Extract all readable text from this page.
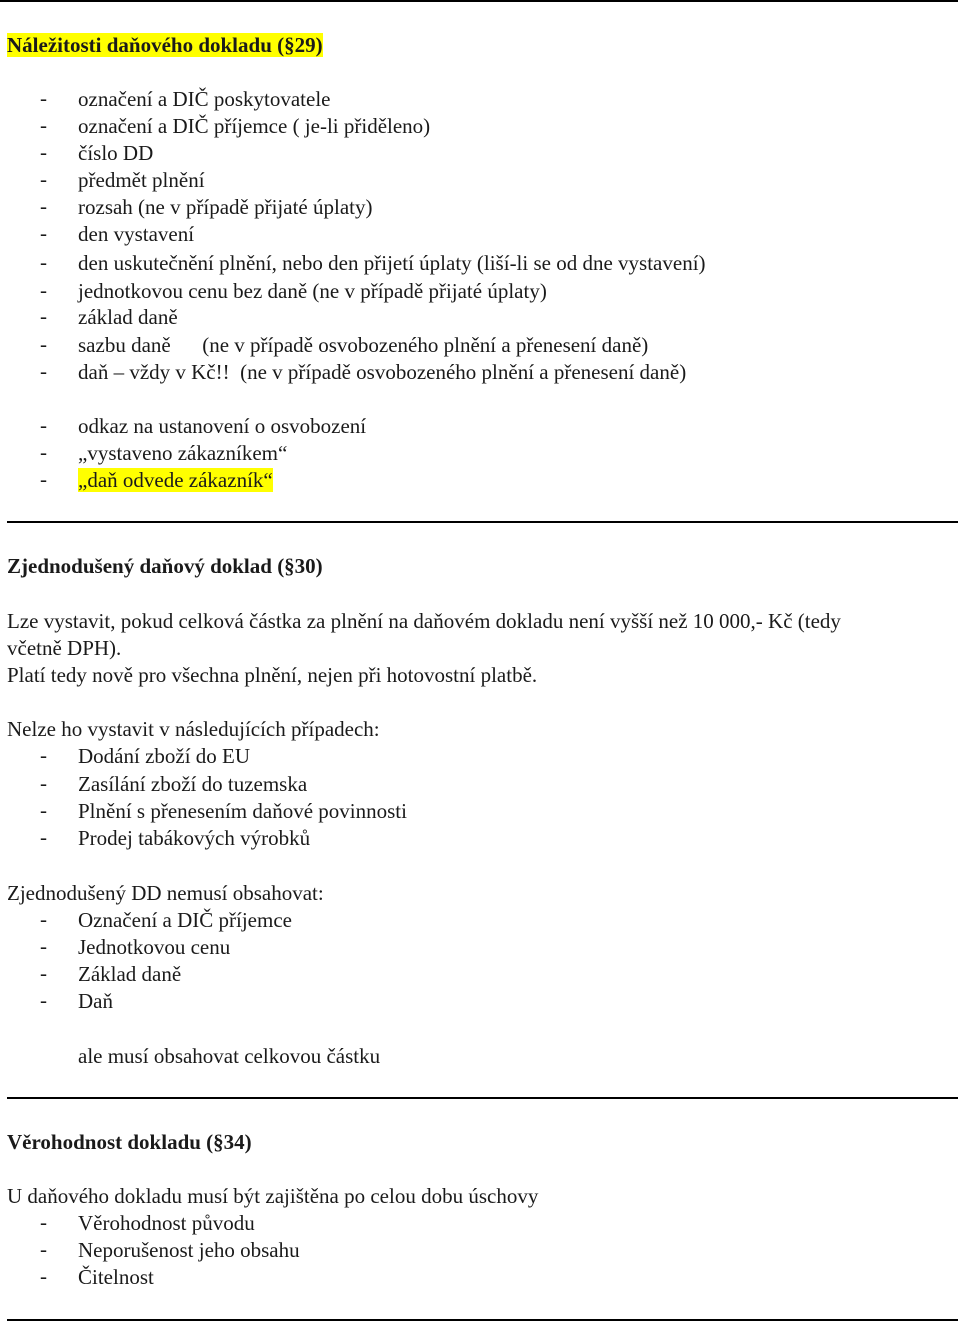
Náležitosti daňového dokladu (§29)
- označení a DIČ poskytovatele
- označení a DIČ příjemce ( je-li přiděleno)
- číslo DD
- předmět plnění
- rozsah (ne v případě přijaté úplaty)
- den vystavení
- den uskutečnění plnění, nebo den přijetí úplaty (liší-li se od dne vystavení)
- jednotkovou cenu bez daně (ne v případě přijaté úplaty)
- základ daně
- sazbu daně      (ne v případě osvobozeného plnění a přenesení daně)
- daň – vždy v Kč!!  (ne v případě osvobozeného plnění a přenesení daně)
- odkaz na ustanovení o osvobození
- „vystaveno zákazníkem“
- „daň odvede zákazník“
Zjednodušený daňový doklad (§30)
Lze vystavit, pokud celková částka za plnění na daňovém dokladu není vyšší než 10 000,- Kč (tedy
včetně DPH).
Platí tedy nově pro všechna plnění, nejen při hotovostní platbě.
Nelze ho vystavit v následujících případech:
- Dodání zboží do EU
- Zasílání zboží do tuzemska
- Plnění s přenesením daňové povinnosti
- Prodej tabákových výrobků
Zjednodušený DD nemusí obsahovat:
- Označení a DIČ příjemce
- Jednotkovou cenu
- Základ daně
- Daň
ale musí obsahovat celkovou částku
Věrohodnost dokladu (§34)
U daňového dokladu musí být zajištěna po celou dobu úschovy
- Věrohodnost původu
- Neporušenost jeho obsahu
- Čitelnost
